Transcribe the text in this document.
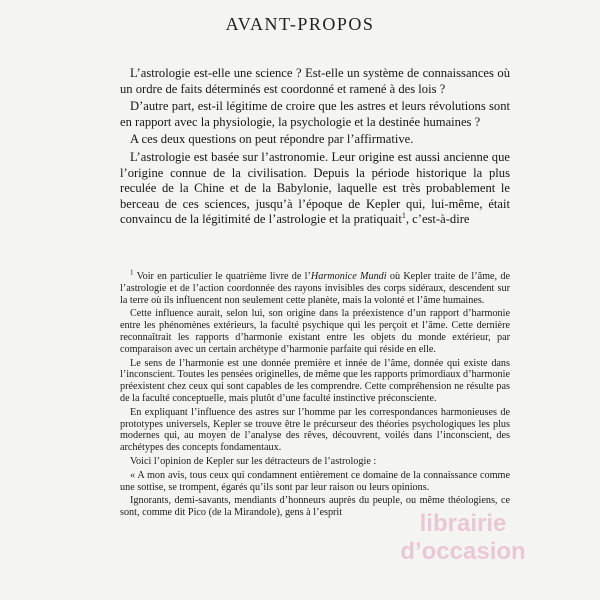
AVANT-PROPOS

L’astrologie est-elle une science ? Est-elle un système de connaissances où un ordre de faits déterminés est coordonné et ramené à des lois ?

D’autre part, est-il légitime de croire que les astres et leurs révolutions sont en rapport avec la physiologie, la psychologie et la destinée humaines ?

A ces deux questions on peut répondre par l’affirmative.

L’astrologie est basée sur l’astronomie. Leur origine est aussi ancienne que l’origine connue de la civilisation. Depuis la période historique la plus reculée de la Chine et de la Babylonie, laquelle est très probablement le berceau de ces sciences, jusqu’à l’époque de Kepler qui, lui-même, était convaincu de la légitimité de l’astrologie et la pratiquait$^1$, c’est-à-dire

$^1$ Voir en particulier le quatrième livre de l’Harmonice Mundi où Kepler traite de l’âme, de l’astrologie et de l’action coordonnée des rayons invisibles des corps sidéraux, descendent sur la terre où ils influencent non seulement cette planète, mais la volonté et l’âme humaines.

Cette influence aurait, selon lui, son origine dans la préexistence d’un rapport d’harmonie entre les phénomènes extérieurs, la faculté psychique qui les perçoit et l’âme. Cette dernière reconnaîtrait les rapports d’harmonie existant entre les objets du monde extérieur, par comparaison avec un certain archétype d’harmonie parfaite qui réside en elle.

Le sens de l’harmonie est une donnée première et innée de l’âme, donnée qui existe dans l’inconscient. Toutes les pensées originelles, de même que les rapports primordiaux d’harmonie préexistent chez ceux qui sont capables de les comprendre. Cette compréhension ne résulte pas de la faculté conceptuelle, mais plutôt d’une faculté instinctive préconsciente.

En expliquant l’influence des astres sur l’homme par les correspondances harmonieuses de prototypes universels, Kepler se trouve être le précurseur des théories psychologiques les plus modernes qui, au moyen de l’analyse des rêves, découvrent, voilés dans l’inconscient, des archétypes des concepts fondamentaux.

Voici l’opinion de Kepler sur les détracteurs de l’astrologie :

« A mon avis, tous ceux qui condamnent entièrement ce domaine de la connaissance comme une sottise, se trompent, égarés qu’ils sont par leur raison ou leurs opinions.

Ignorants, demi-savants, mendiants d’honneurs auprès du peuple, ou même théologiens, ce sont, comme dit Pico (de la Mirandole), gens à l’esprit	librairie
d’occasion
